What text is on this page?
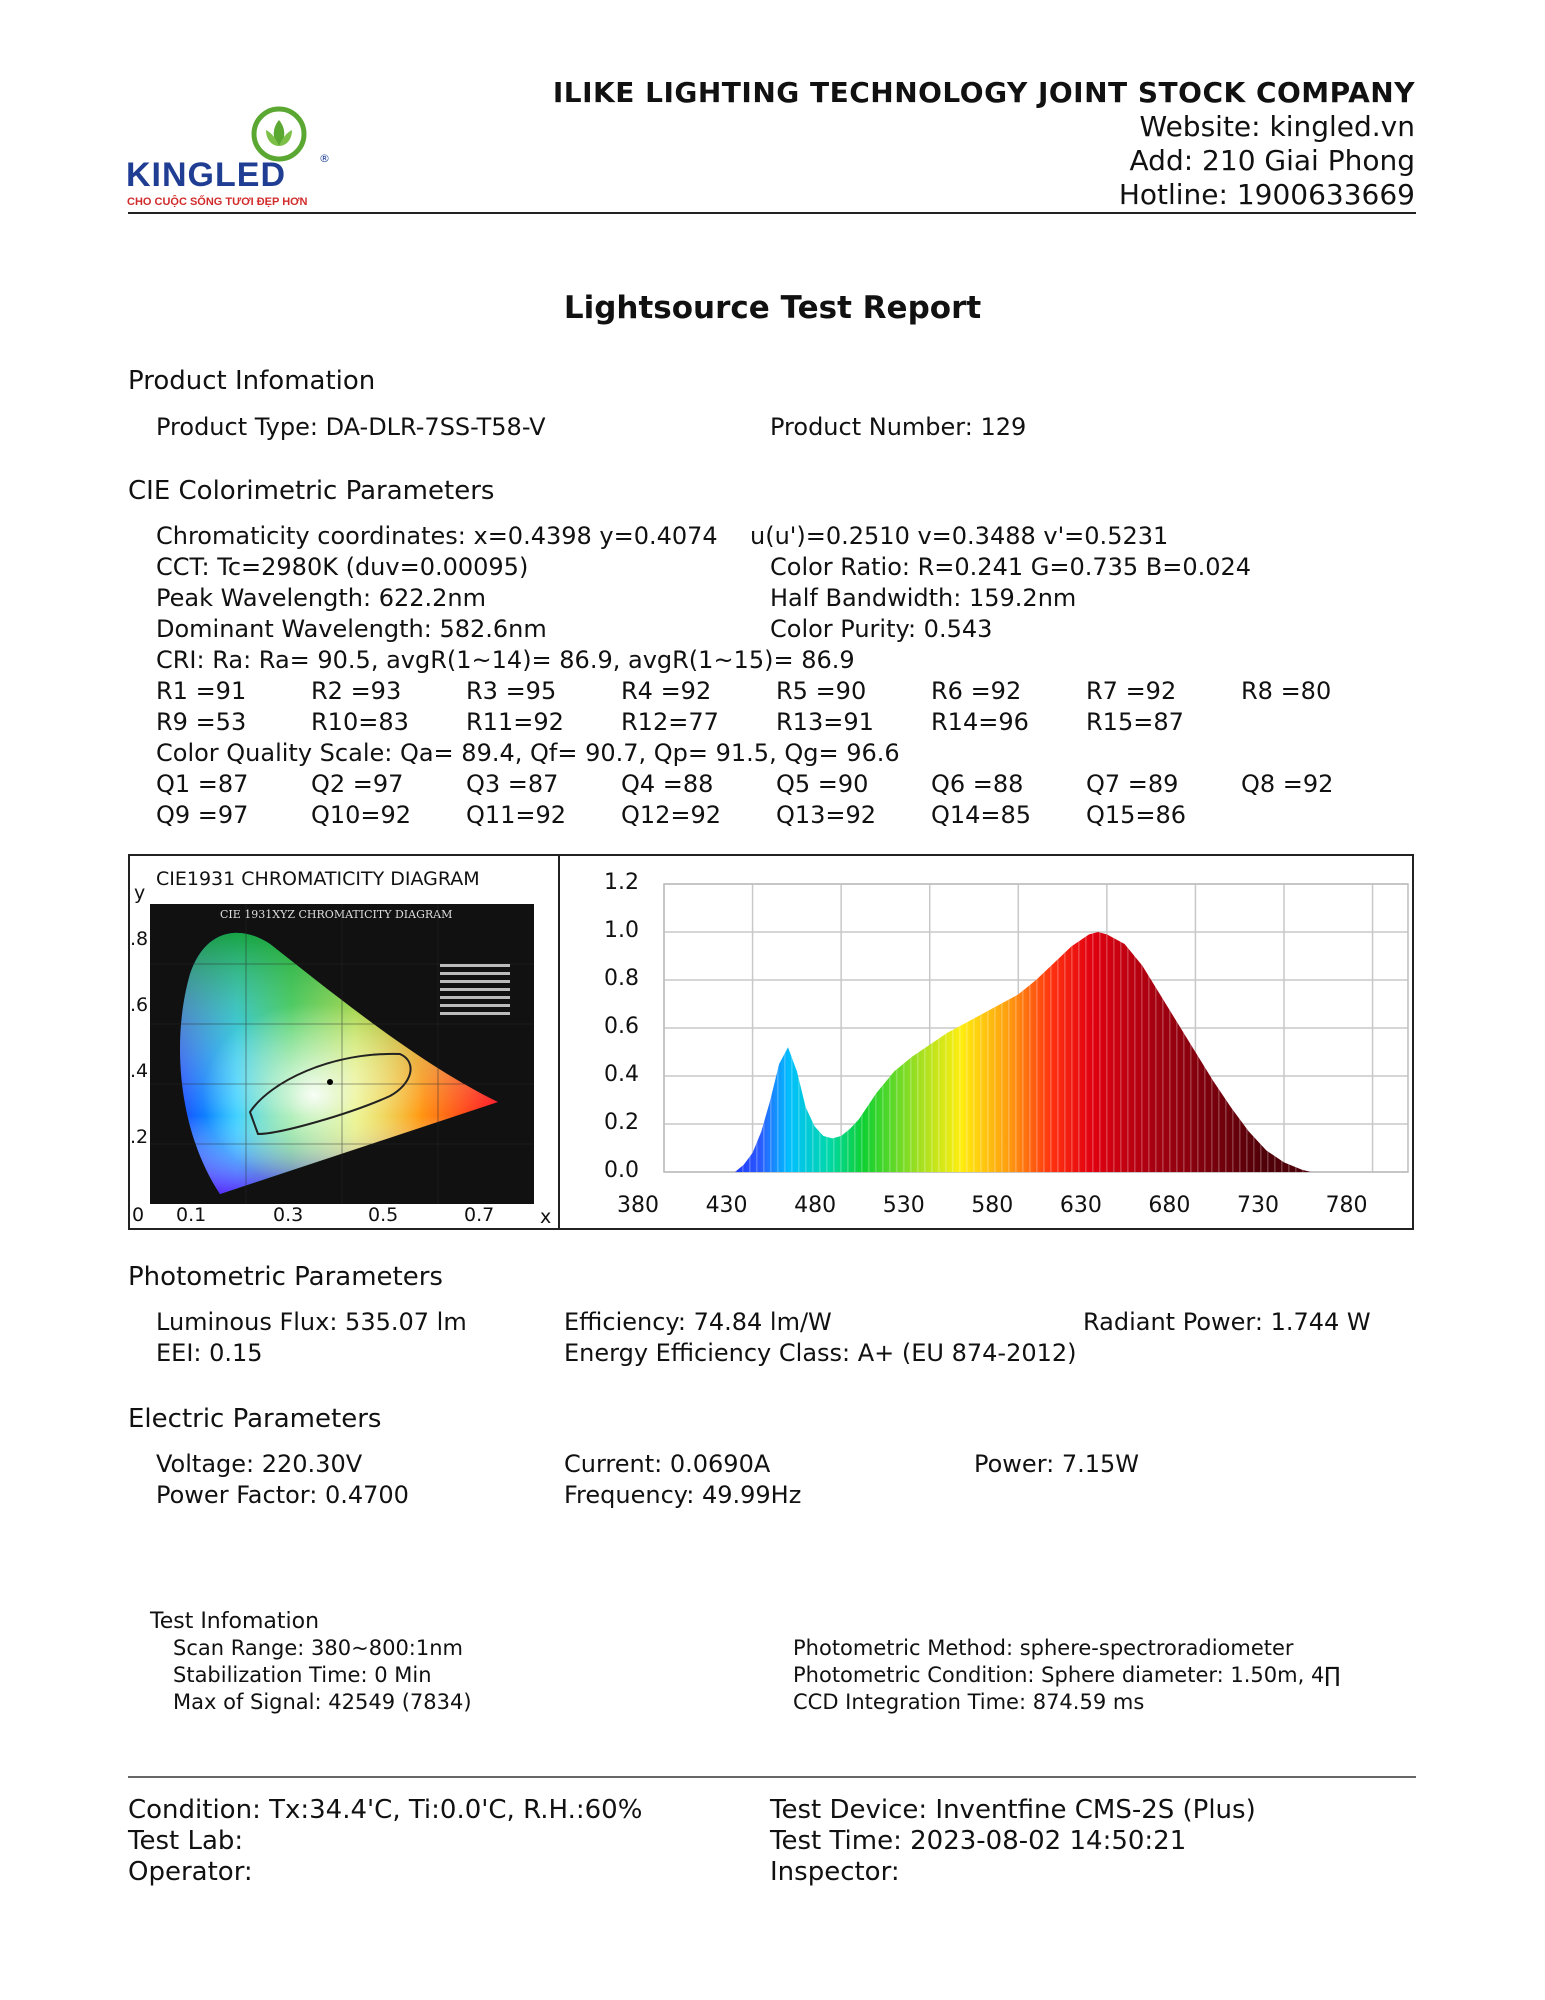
KINGLED	®
CHO CUỘC SỐNG TƯƠI ĐẸP HƠN
ILIKE LIGHTING TECHNOLOGY JOINT STOCK COMPANY
Website: kingled.vn
Add: 210 Giai Phong
Hotline: 1900633669
Lightsource Test Report
Product Infomation
Product Type: DA-DLR-7SS-T58-V	Product Number: 129
CIE Colorimetric Parameters
Chromaticity coordinates: x=0.4398 y=0.4074 u(u')=0.2510 v=0.3488 v'=0.5231
CCT: Tc=2980K (duv=0.00095)	Color Ratio: R=0.241 G=0.735 B=0.024
Peak Wavelength: 622.2nm	Half Bandwidth: 159.2nm
Dominant Wavelength: 582.6nm	Color Purity: 0.543
CRI: Ra: Ra= 90.5, avgR(1~14)= 86.9, avgR(1~15)= 86.9
R1 =91	R2 =93	R3 =95	R4 =92	R5 =90	R6 =92	R7 =92	R8 =80
R9 =53	R10=83 R11=92 R12=77 R13=91 R14=96 R15=87
Color Quality Scale: Qa= 89.4, Qf= 90.7, Qp= 91.5, Qg= 96.6
Q1 =87	Q2 =97	Q3 =87	Q4 =88	Q5 =90	Q6 =88	Q7 =89	Q8 =92
Q9 =97	Q10=92 Q11=92 Q12=92 Q13=92 Q14=85 Q15=86
CIE1931 CHROMATICITY DIAGRAM
y
.8
.6
.4
.2
0 0.1	0.3	0.5	0.7 x
CIE 1931XYZ CHROMATICITY DIAGRAM
1.2
1.0
0.8
0.6
0.4
0.2
0.0
380 430 480 530 580 630 680 730 780
Photometric Parameters
Luminous Flux: 535.07 lm	Efficiency: 74.84 lm/W	Radiant Power: 1.744 W
EEI: 0.15	Energy Efficiency Class: A+ (EU 874-2012)
Electric Parameters
Voltage: 220.30V	Current: 0.0690A	Power: 7.15W
Power Factor: 0.4700	Frequency: 49.99Hz
Test Infomation
Scan Range: 380~800:1nm
Stabilization Time: 0 Min
Max of Signal: 42549 (7834)
Photometric Method: sphere-spectroradiometer
Photometric Condition: Sphere diameter: 1.50m, 4∏
CCD Integration Time: 874.59 ms
Condition: Tx:34.4'C, Ti:0.0'C, R.H.:60%	Test Device: Inventfine CMS-2S (Plus)
Test Lab:	Test Time: 2023-08-02 14:50:21
Operator:	Inspector:
